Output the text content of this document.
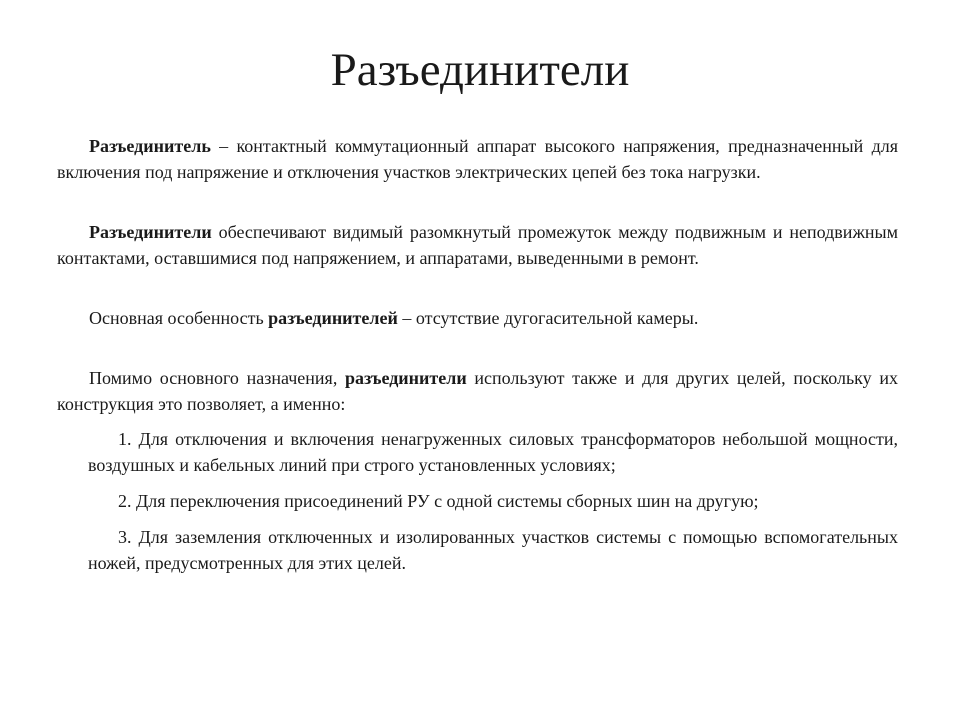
Разъединители

Разъединитель – контактный коммутационный аппарат высокого напряжения, предназначенный для включения под напряжение и отключения участков электрических цепей без тока нагрузки.

Разъединители обеспечивают видимый разомкнутый промежуток между подвижным и неподвижным контактами, оставшимися под напряжением, и аппаратами, выведенными в ремонт.

Основная особенность разъединителей – отсутствие дугогасительной камеры.

Помимо основного назначения, разъединители используют также и для других целей, поскольку их конструкция это позволяет, а именно:

1. Для отключения и включения ненагруженных силовых трансформаторов небольшой мощности, воздушных и кабельных линий при строго установленных условиях;
2. Для переключения присоединений РУ с одной системы сборных шин на другую;
3. Для заземления отключенных и изолированных участков системы с помощью вспомогательных ножей, предусмотренных для этих целей.
